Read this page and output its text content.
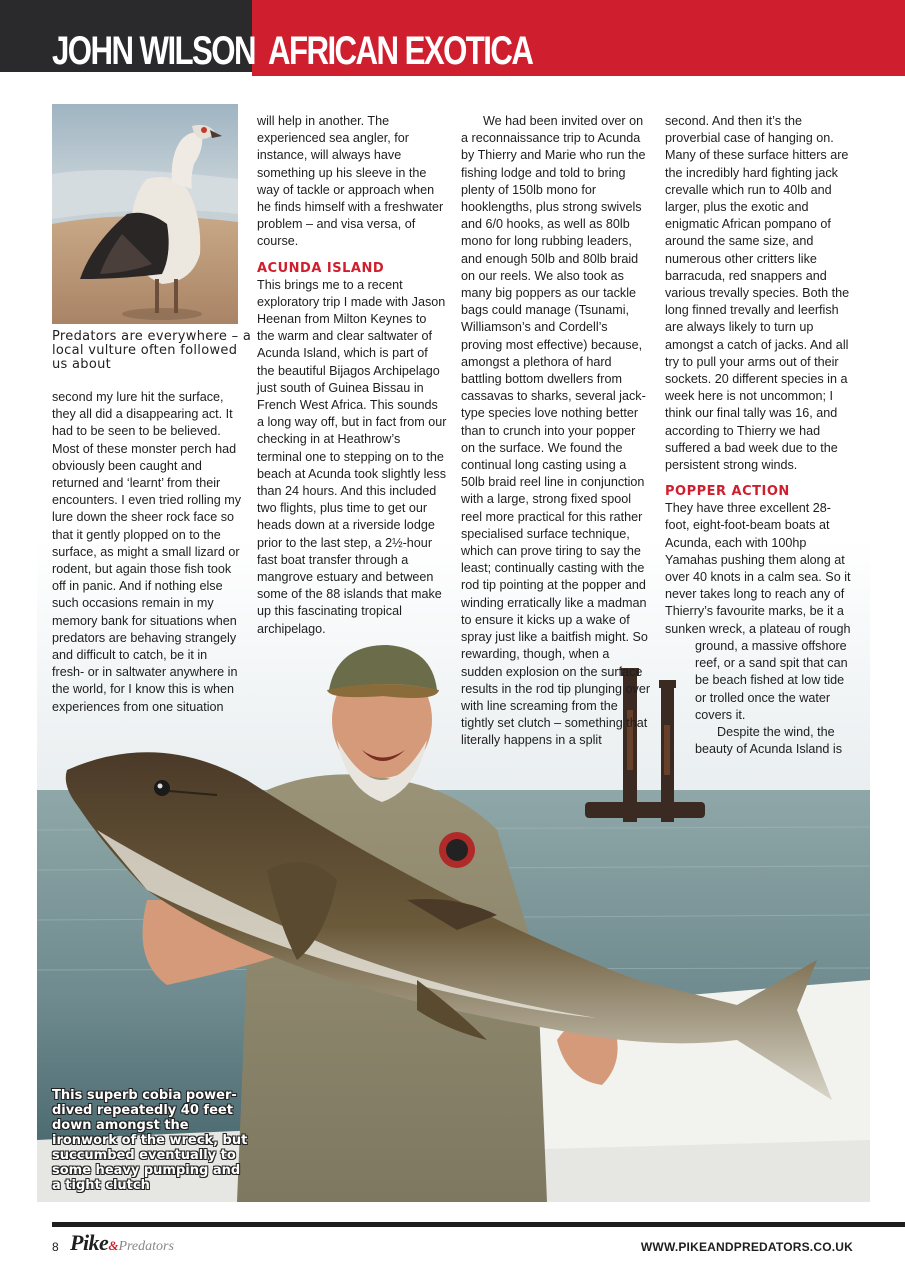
JOHN WILSON AFRICAN EXOTICA
Predators are everywhere – a local vulture often followed us about
This superb cobia power-dived repeatedly 40 feet down amongst the ironwork of the wreck, but succumbed eventually to some heavy pumping and a tight clutch

second my lure hit the surface, they all did a disappearing act. It had to be seen to be believed. Most of these monster perch had obviously been caught and returned and ‘learnt’ from their encounters. I even tried rolling my lure down the sheer rock face so that it gently plopped on to the surface, as might a small lizard or rodent, but again those fish took off in panic. And if nothing else such occasions remain in my memory bank for situations when predators are behaving strangely and difficult to catch, be it in fresh- or in saltwater anywhere in the world, for I know this is when experiences from one situation

will help in another. The experienced sea angler, for instance, will always have something up his sleeve in the way of tackle or approach when he finds himself with a freshwater problem – and visa versa, of course.

ACUNDA ISLAND

This brings me to a recent exploratory trip I made with Jason Heenan from Milton Keynes to the warm and clear saltwater of Acunda Island, which is part of the beautiful Bijagos Archipelago just south of Guinea Bissau in French West Africa. This sounds a long way off, but in fact from our checking in at Heathrow’s terminal one to stepping on to the beach at Acunda took slightly less than 24 hours. And this included two flights, plus time to get our heads down at a riverside lodge prior to the last step, a 2½-hour fast boat transfer through a mangrove estuary and between some of the 88 islands that make up this fascinating tropical archipelago.

We had been invited over on a reconnaissance trip to Acunda by Thierry and Marie who run the fishing lodge and told to bring plenty of 150lb mono for hooklengths, plus strong swivels and 6/0 hooks, as well as 80lb mono for long rubbing leaders, and enough 50lb and 80lb braid on our reels. We also took as many big poppers as our tackle bags could manage (Tsunami, Williamson’s and Cordell’s proving most effective) because, amongst a plethora of hard battling bottom dwellers from cassavas to sharks, several jack-type species love nothing better than to crunch into your popper on the surface. We found the continual long casting using a 50lb braid reel line in conjunction with a large, strong fixed spool reel more practical for this rather specialised surface technique, which can prove tiring to say the least; continually casting with the rod tip pointing at the popper and winding erratically like a madman to ensure it kicks up a wake of spray just like a baitfish might. So rewarding, though, when a sudden explosion on the surface results in the rod tip plunging over with line screaming from the tightly set clutch – something that literally happens in a split

second. And then it’s the proverbial case of hanging on. Many of these surface hitters are the incredibly hard fighting jack crevalle which run to 40lb and larger, plus the exotic and enigmatic African pompano of around the same size, and numerous other critters like barracuda, red snappers and various trevally species. Both the long finned trevally and leerfish are always likely to turn up amongst a catch of jacks. And all try to pull your arms out of their sockets. 20 different species in a week here is not uncommon; I think our final tally was 16, and according to Thierry we had suffered a bad week due to the persistent strong winds.

POPPER ACTION

They have three excellent 28-foot, eight-foot-beam boats at Acunda, each with 100hp Yamahas pushing them along at over 40 knots in a calm sea. So it never takes long to reach any of Thierry’s favourite marks, be it a sunken wreck, a plateau of rough

ground, a massive offshore reef, or a sand spit that can be beach fished at low tide or trolled once the water covers it.

Despite the wind, the beauty of Acunda Island is

8 Pike&Predators	WWW.PIKEANDPREDATORS.CO.UK
